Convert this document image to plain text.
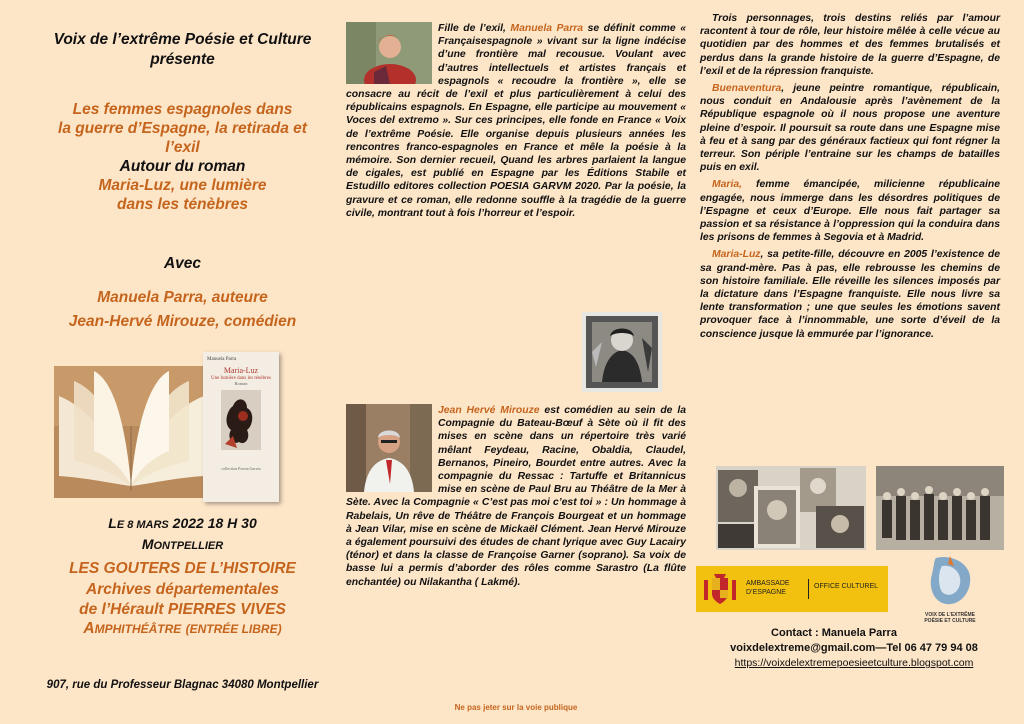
Voix de l’extrême Poésie et Culture
présente
Les femmes espagnoles dans
la guerre d’Espagne, la retirada et
l’exil
Autour du roman
Maria-Luz, une lumière
dans les ténèbres
Avec
Manuela Parra, auteure
Jean-Hervé Mirouze, comédien
Manuela Parra
Maria-Luz
Une lumière dans les ténèbres
Roman
collection Poesia Garvm
LE 8 MARS 2022 18 H 30
MONTPELLIER
LES GOUTERS DE L’HISTOIRE
Archives départementales
de l’Hérault PIERRES VIVES
AMPHITHÉÂTRE (ENTRÉE LIBRE)
907, rue du Professeur Blagnac 34080 Montpellier

Fille de l’exil, Manuela Parra se définit comme « Françaisespagnole » vivant sur la ligne indécise d’une frontière mal recousue. Voulant avec d’autres intellectuels et artistes français et espagnols « recoudre la frontière », elle se consacre au récit de l’exil et plus particulièrement à celui des républicains espagnols. En Espagne, elle participe au mouvement « Voces del extremo ». Sur ces principes, elle fonde en France « Voix de l’extrême Poésie. Elle organise depuis plusieurs années les rencontres franco-espagnoles en France et mêle la poésie à la mémoire. Son dernier recueil, Quand les arbres parlaient la langue de cigales, est publié en Espagne par les Éditions Stabile et Estudillo editores collection POESIA GARVM 2020. Par la poésie, la gravure et ce roman, elle redonne souffle à la tragédie de la guerre civile, montrant tout à fois l’horreur et l’espoir.

Jean Hervé Mirouze est comédien au sein de la Compagnie du Bateau-Bœuf à Sète où il fit des mises en scène dans un répertoire très varié mêlant Feydeau, Racine, Obaldia, Claudel, Bernanos, Pineiro, Bourdet entre autres. Avec la compagnie du Ressac : Tartuffe et Britannicus mise en scène de Paul Bru au Théâtre de la Mer à Sète. Avec la Compagnie « C’est pas moi c’est toi » : Un hommage à Rabelais, Un rêve de Théâtre de François Bourgeat et un hommage à Jean Vilar, mise en scène de Mickaël Clément. Jean Hervé Mirouze a également poursuivi des études de chant lyrique avec Guy Lacairy (ténor) et dans la classe de Françoise Garner (soprano). Sa voix de basse lui a permis d’aborder des rôles comme Sarastro (La flûte enchantée) ou Nilakantha ( Lakmé).

Ne pas jeter sur la voie publique

Trois personnages, trois destins reliés par l’amour racontent à tour de rôle, leur histoire mêlée à celle vécue au quotidien par des hommes et des femmes brutalisés et perdus dans la grande histoire de la guerre d’Espagne, de l’exil et de la répression franquiste.

Buenaventura, jeune peintre romantique, républicain, nous conduit en Andalousie après l’avènement de la République espagnole où il nous propose une aventure pleine d’espoir. Il poursuit sa route dans une Espagne mise à feu et à sang par des généraux factieux qui font régner la terreur. Son périple l’entraine sur les champs de batailles puis en exil.

Maria, femme émancipée, milicienne républicaine engagée, nous immerge dans les désordres politiques de l’Espagne et ceux d’Europe. Elle nous fait partager sa passion et sa résistance à l’oppression qui la conduira dans les prisons de femmes à Segovia et à Madrid.

Maria-Luz, sa petite-fille, découvre en 2005 l’existence de sa grand-mère. Pas à pas, elle rebrousse les chemins de son histoire familiale. Elle réveille les silences imposés par la dictature dans l’Espagne franquiste. Elle nous livre sa lente transformation ; une que seules les émotions savent provoquer face à l’innommable, une sorte d’éveil de la conscience jusque là emmurée par l’ignorance.

AMBASSADE
D’ESPAGNE
OFFICE CULTUREL
VOIX DE L’EXTRÊME
POÉSIE ET CULTURE
Contact : Manuela Parra
voixdelextreme@gmail.com—Tel 06 47 79 94 08
https://voixdelextremepoesieetculture.blogspot.com
